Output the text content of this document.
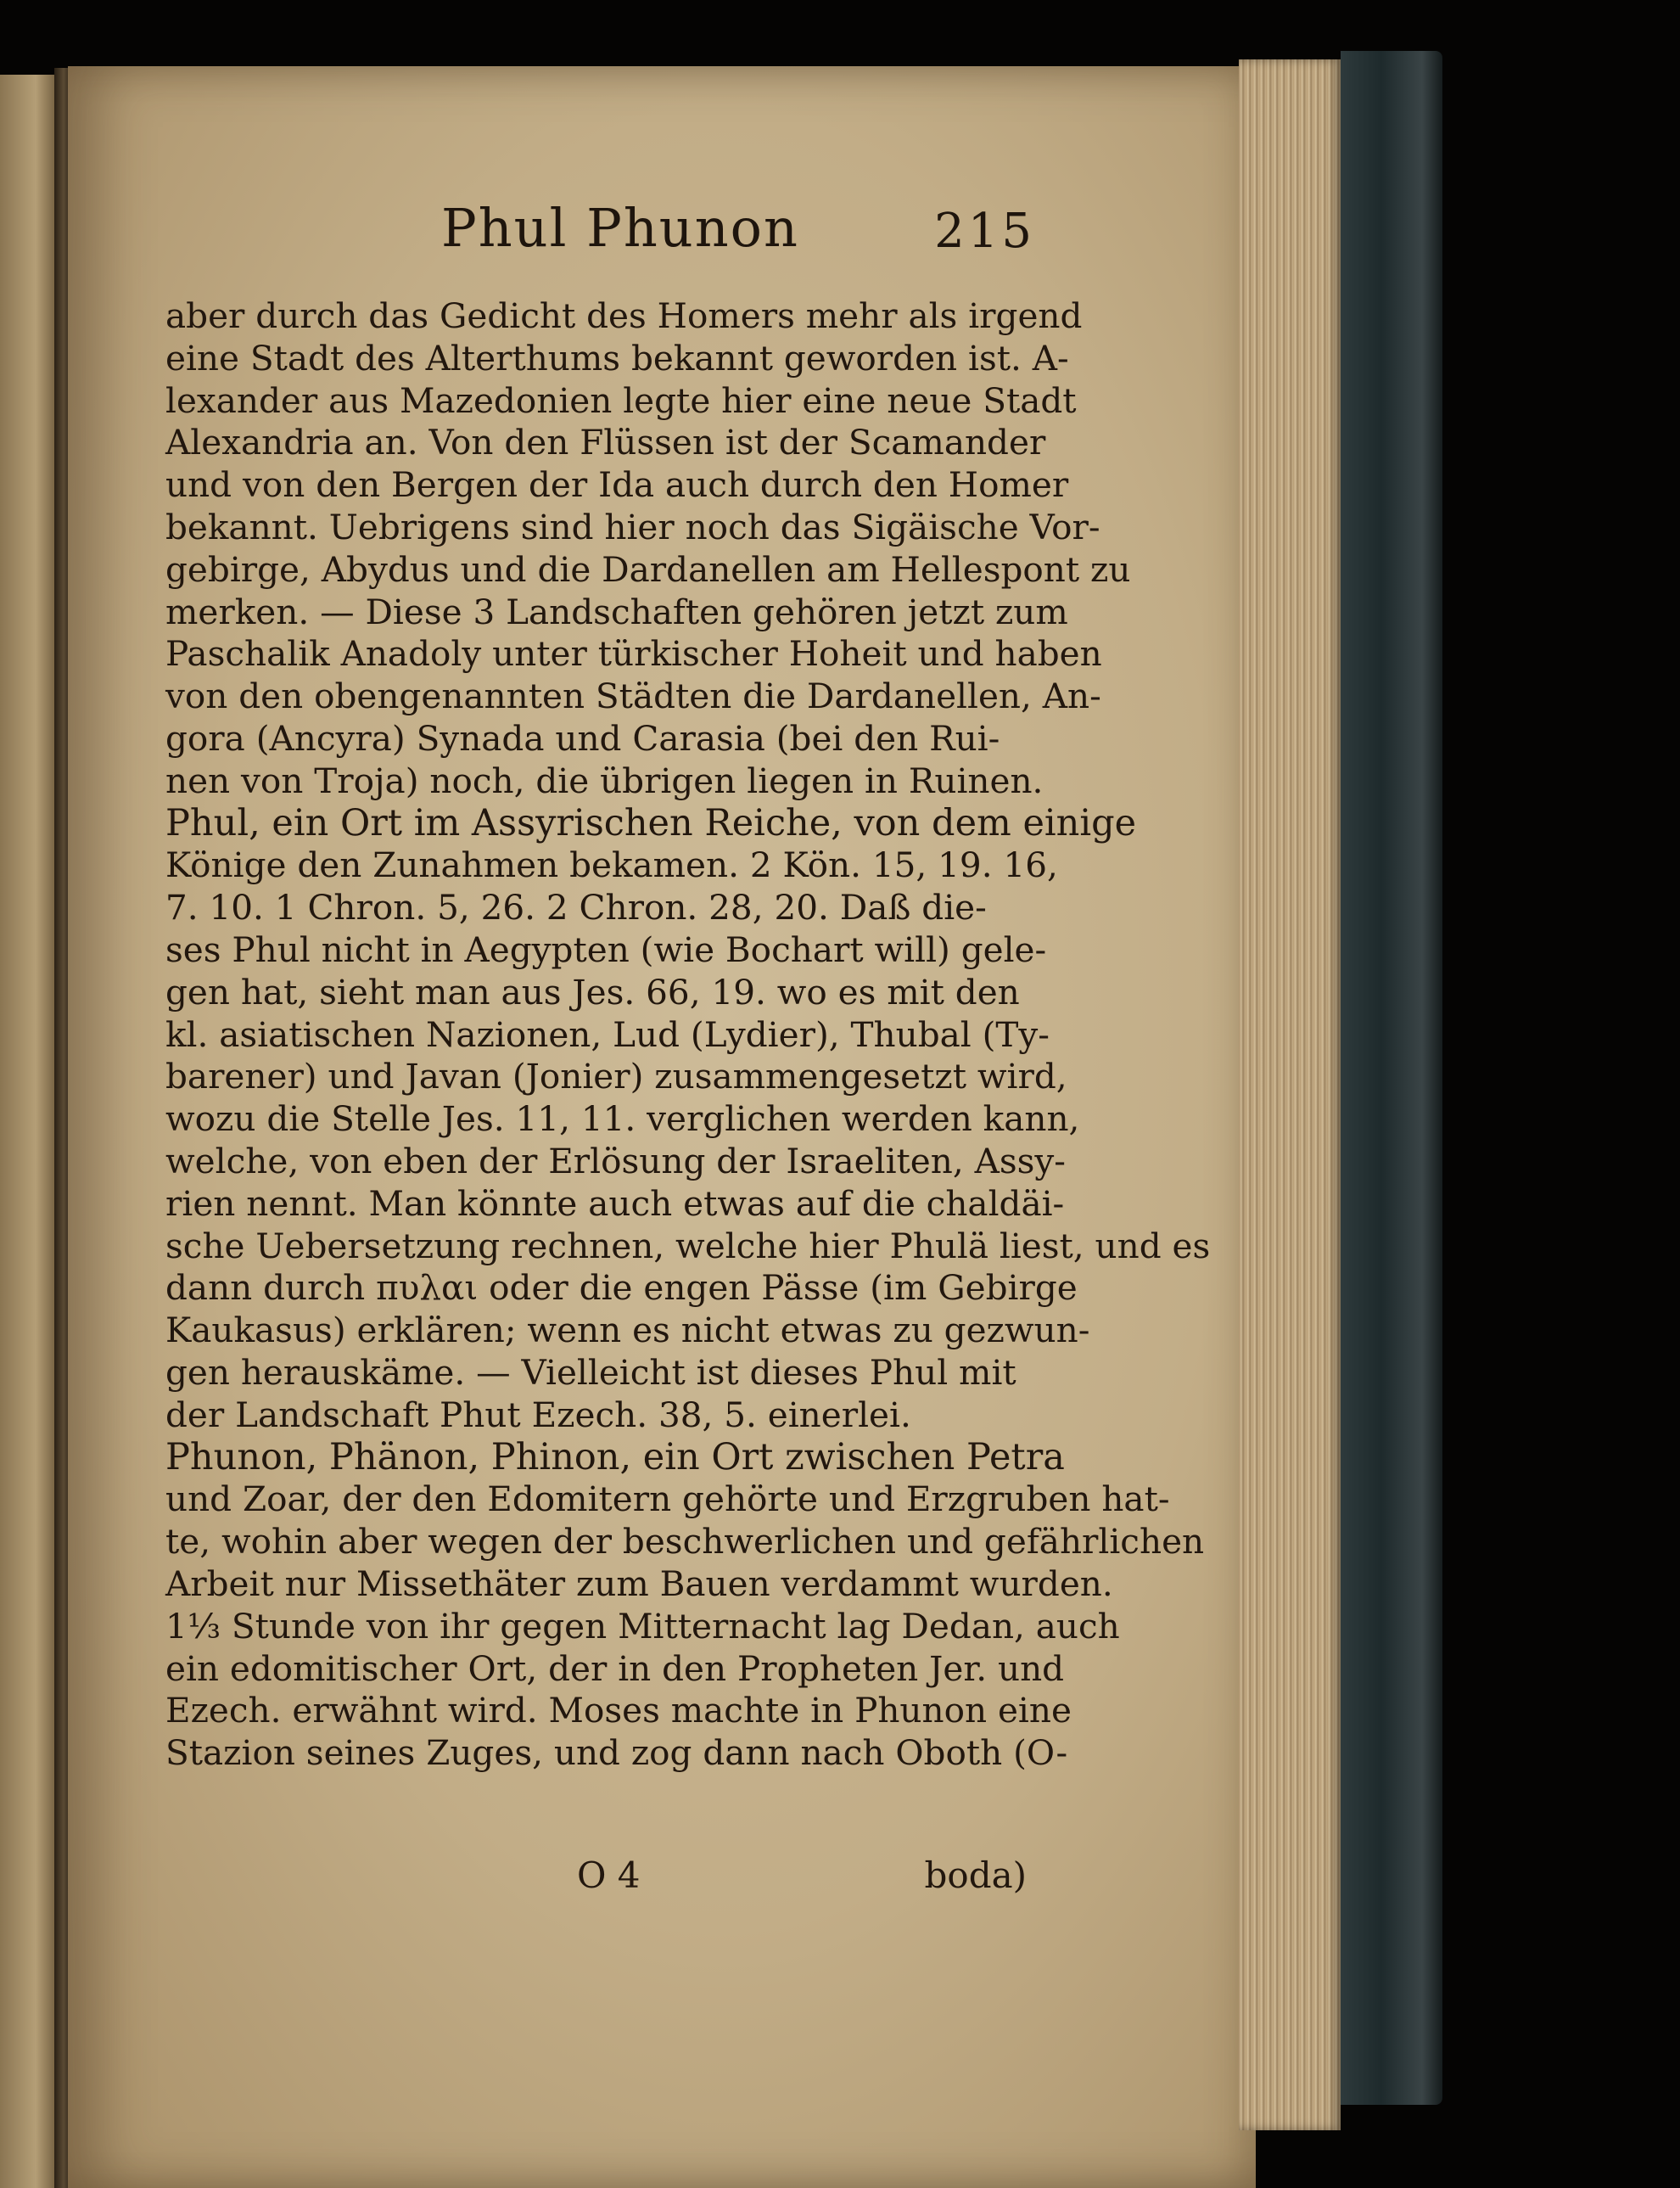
Phul Phunon	215
aber durch das Gedicht des Homers mehr als irgend
eine Stadt des Alterthums bekannt geworden ist. A-
lexander aus Mazedonien legte hier eine neue Stadt
Alexandria an. Von den Flüssen ist der Scamander
und von den Bergen der Ida auch durch den Homer
bekannt. Uebrigens sind hier noch das Sigäische Vor-
gebirge, Abydus und die Dardanellen am Hellespont zu
merken. — Diese 3 Landschaften gehören jetzt zum
Paschalik Anadoly unter türkischer Hoheit und haben
von den obengenannten Städten die Dardanellen, An-
gora (Ancyra) Synada und Carasia (bei den Rui-
nen von Troja) noch, die übrigen liegen in Ruinen.
Phul, ein Ort im Assyrischen Reiche, von dem einige
Könige den Zunahmen bekamen. 2 Kön. 15, 19. 16,
7. 10. 1 Chron. 5, 26. 2 Chron. 28, 20. Daß die-
ses Phul nicht in Aegypten (wie Bochart will) gele-
gen hat, sieht man aus Jes. 66, 19. wo es mit den
kl. asiatischen Nazionen, Lud (Lydier), Thubal (Ty-
barener) und Javan (Jonier) zusammengesetzt wird,
wozu die Stelle Jes. 11, 11. verglichen werden kann,
welche, von eben der Erlösung der Israeliten, Assy-
rien nennt. Man könnte auch etwas auf die chaldäi-
sche Uebersetzung rechnen, welche hier Phulä liest, und es
dann durch πυλαι oder die engen Pässe (im Gebirge
Kaukasus) erklären; wenn es nicht etwas zu gezwun-
gen herauskäme. — Vielleicht ist dieses Phul mit
der Landschaft Phut Ezech. 38, 5. einerlei.
Phunon, Phänon, Phinon, ein Ort zwischen Petra
und Zoar, der den Edomitern gehörte und Erzgruben hat-
te, wohin aber wegen der beschwerlichen und gefährlichen
Arbeit nur Missethäter zum Bauen verdammt wurden.
1⅓ Stunde von ihr gegen Mitternacht lag Dedan, auch
ein edomitischer Ort, der in den Propheten Jer. und
Ezech. erwähnt wird. Moses machte in Phunon eine
Stazion seines Zuges, und zog dann nach Oboth (O-
O 4	boda)
